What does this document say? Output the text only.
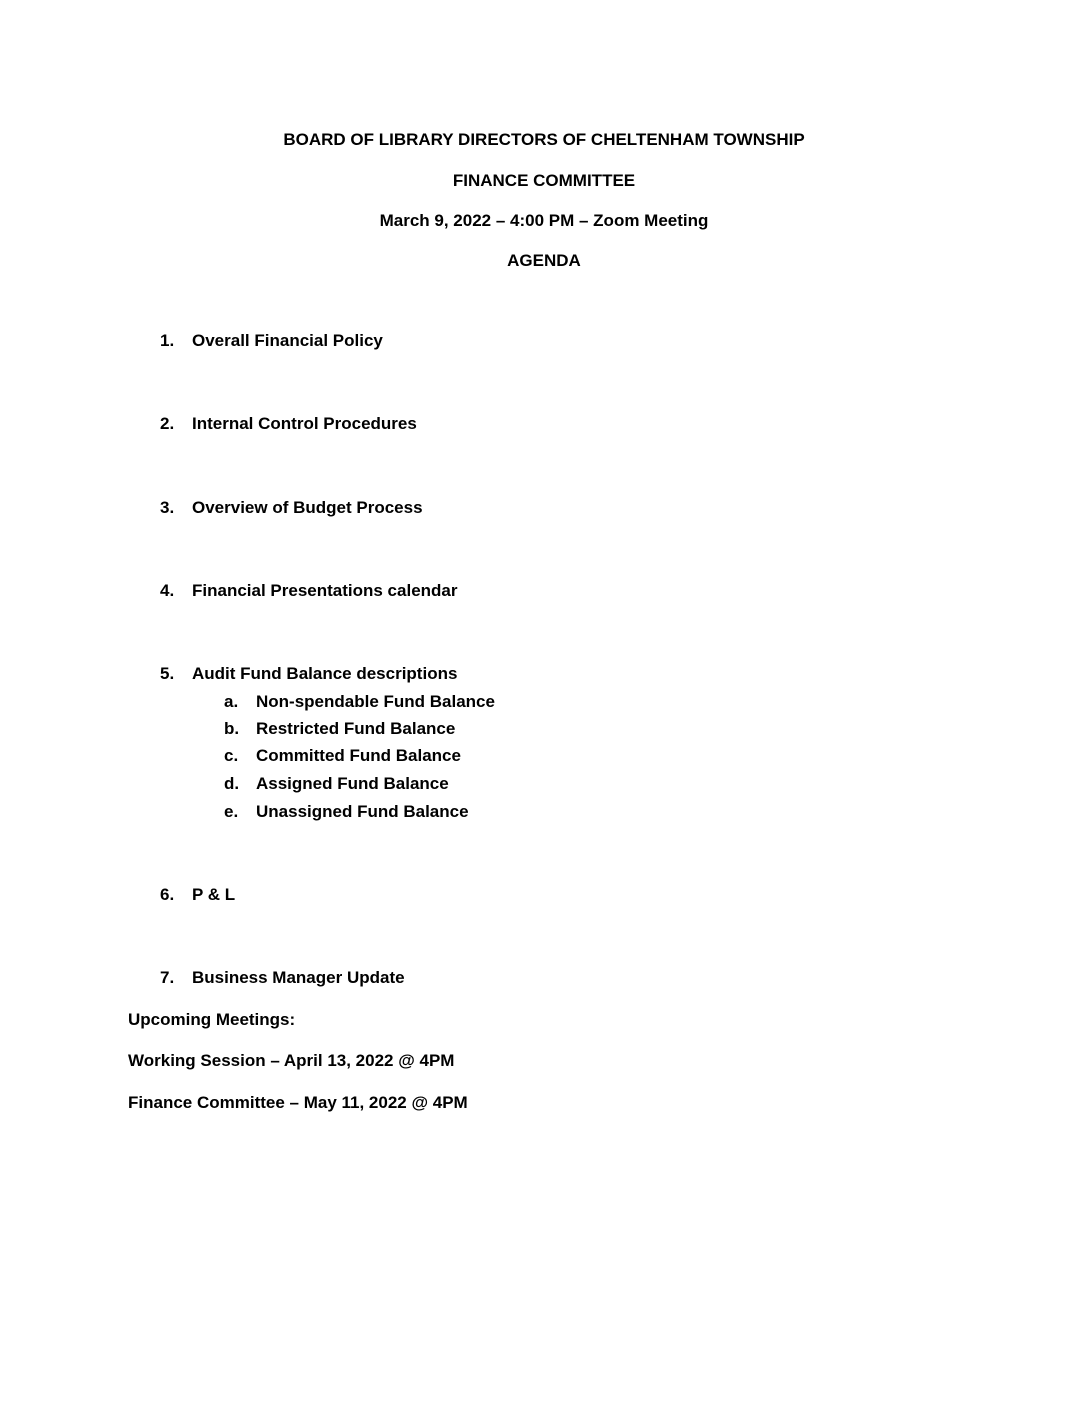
BOARD OF LIBRARY DIRECTORS OF CHELTENHAM TOWNSHIP
FINANCE COMMITTEE
March 9, 2022 – 4:00 PM – Zoom Meeting
AGENDA
1. Overall Financial Policy
2. Internal Control Procedures
3. Overview of Budget Process
4. Financial Presentations calendar
5. Audit Fund Balance descriptions
a. Non-spendable Fund Balance
b. Restricted Fund Balance
c. Committed Fund Balance
d. Assigned Fund Balance
e. Unassigned Fund Balance
6. P & L
7. Business Manager Update
Upcoming Meetings:
Working Session – April 13, 2022 @ 4PM
Finance Committee – May 11, 2022 @ 4PM
